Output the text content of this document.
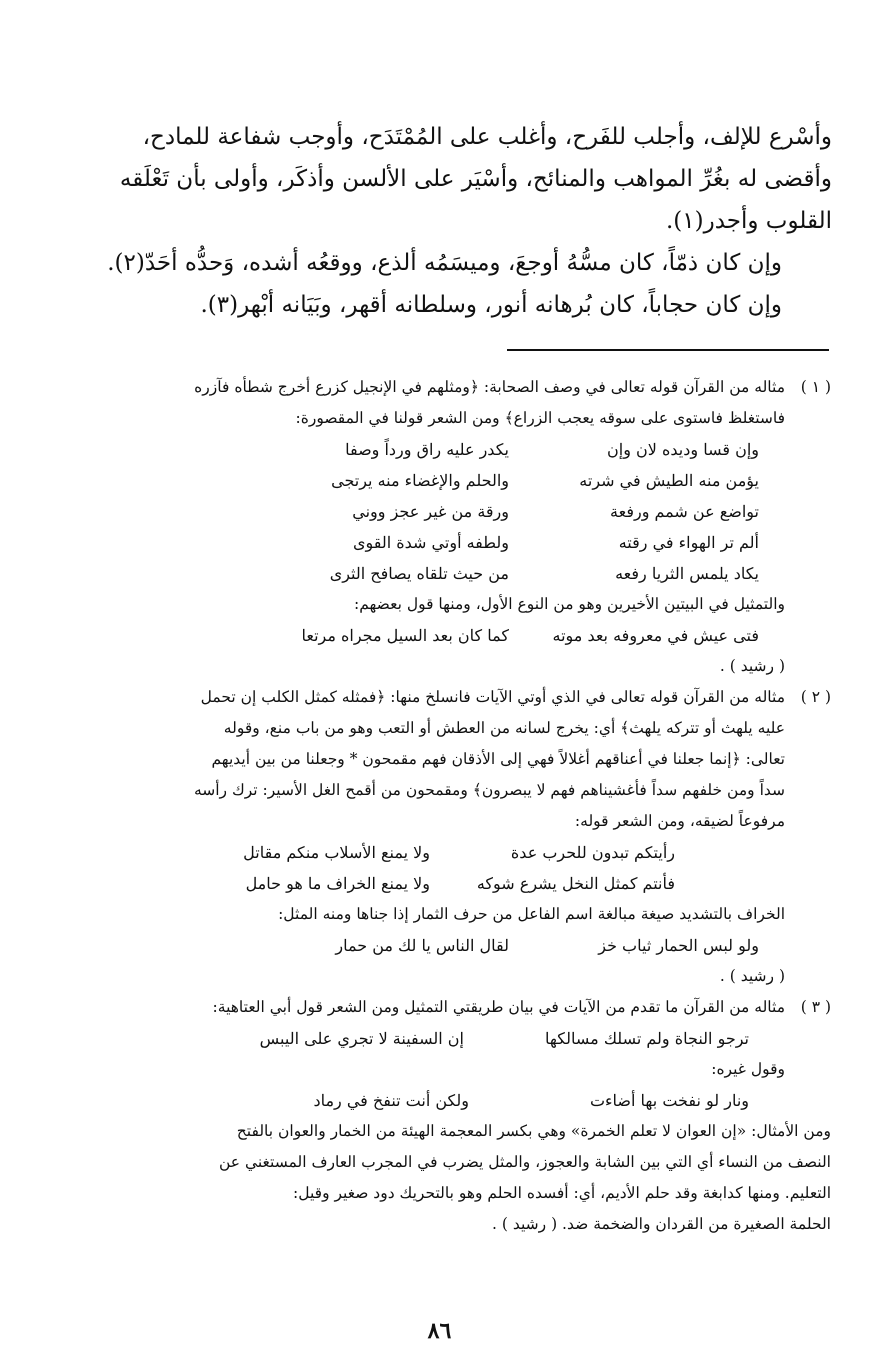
وأسْرع للإلف، وأجلب للفَرح، وأغلب على المُمْتَدَح، وأوجب شفاعة للمادح،

وأقضى له بغُرِّ المواهب والمنائح، وأسْيَر على الألسن وأذكَر، وأولى بأن تَعْلَقه

القلوب وأجدر(١).

وإن كان ذمّاً، كان مسُّهُ أوجعَ، وميسَمُه ألذع، ووقعُه أشده، وَحدُّه أحَدّ(٢).

وإن كان حجاباً، كان بُرهانه أنور، وسلطانه أقهر، وبَيَانه أبْهر(٣).

( ١ )
مثاله من القرآن قوله تعالى في وصف الصحابة: ﴿ومثلهم في الإنجيل كزرع أخرج شطأه فآزره
فاستغلظ فاستوى على سوقه يعجب الزراع﴾ ومن الشعر قولنا في المقصورة:
وإن قسا وديده لان وإن
يكدر عليه راق ورداً وصفا
يؤمن منه الطيش في شرته
والحلم والإغضاء منه يرتجى
تواضع عن شمم ورفعة
ورقة من غير عجز ووني
ألم تر الهواء في رقته
ولطفه أوتي شدة القوى
يكاد يلمس الثريا رفعه
من حيث تلقاه يصافح الثرى
والتمثيل في البيتين الأخيرين وهو من النوع الأول، ومنها قول بعضهم:
فتى عيش في معروفه بعد موته
كما كان بعد السيل مجراه مرتعا
( رشيد ) .
( ٢ )
مثاله من القرآن قوله تعالى في الذي أوتي الآيات فانسلخ منها: ﴿فمثله كمثل الكلب إن تحمل
عليه يلهث أو تتركه يلهث﴾ أي: يخرج لسانه من العطش أو التعب وهو من باب منع، وقوله
تعالى: ﴿إنما جعلنا في أعناقهم أغلالاً فهي إلى الأذقان فهم مقمحون * وجعلنا من بين أيديهم
سداً ومن خلفهم سداً فأغشيناهم فهم لا يبصرون﴾ ومقمحون من أقمح الغل الأسير: ترك رأسه
مرفوعاً لضيقه، ومن الشعر قوله:
رأيتكم تبدون للحرب عدة
ولا يمنع الأسلاب منكم مقاتل
فأنتم كمثل النخل يشرع شوكه
ولا يمنع الخراف ما هو حامل
الخراف بالتشديد صيغة مبالغة اسم الفاعل من حرف الثمار إذا جناها ومنه المثل:
ولو لبس الحمار ثياب خز
لقال الناس يا لك من حمار
( رشيد ) .
( ٣ )
مثاله من القرآن ما تقدم من الآيات في بيان طريقتي التمثيل ومن الشعر قول أبي العتاهية:
ترجو النجاة ولم تسلك مسالكها
إن السفينة لا تجري على اليبس
وقول غيره:
ونار لو نفخت بها أضاءت
ولكن أنت تنفخ في رماد
ومن الأمثال: «إن العوان لا تعلم الخمرة» وهي بكسر المعجمة الهيئة من الخمار والعوان بالفتح
النصف من النساء أي التي بين الشابة والعجوز، والمثل يضرب في المجرب العارف المستغني عن
التعليم. ومنها كدابغة وقد حلم الأديم، أي: أفسده الحلم وهو بالتحريك دود صغير وقيل:
الحلمة الصغيرة من القردان والضخمة ضد. ( رشيد ) .
٨٦
